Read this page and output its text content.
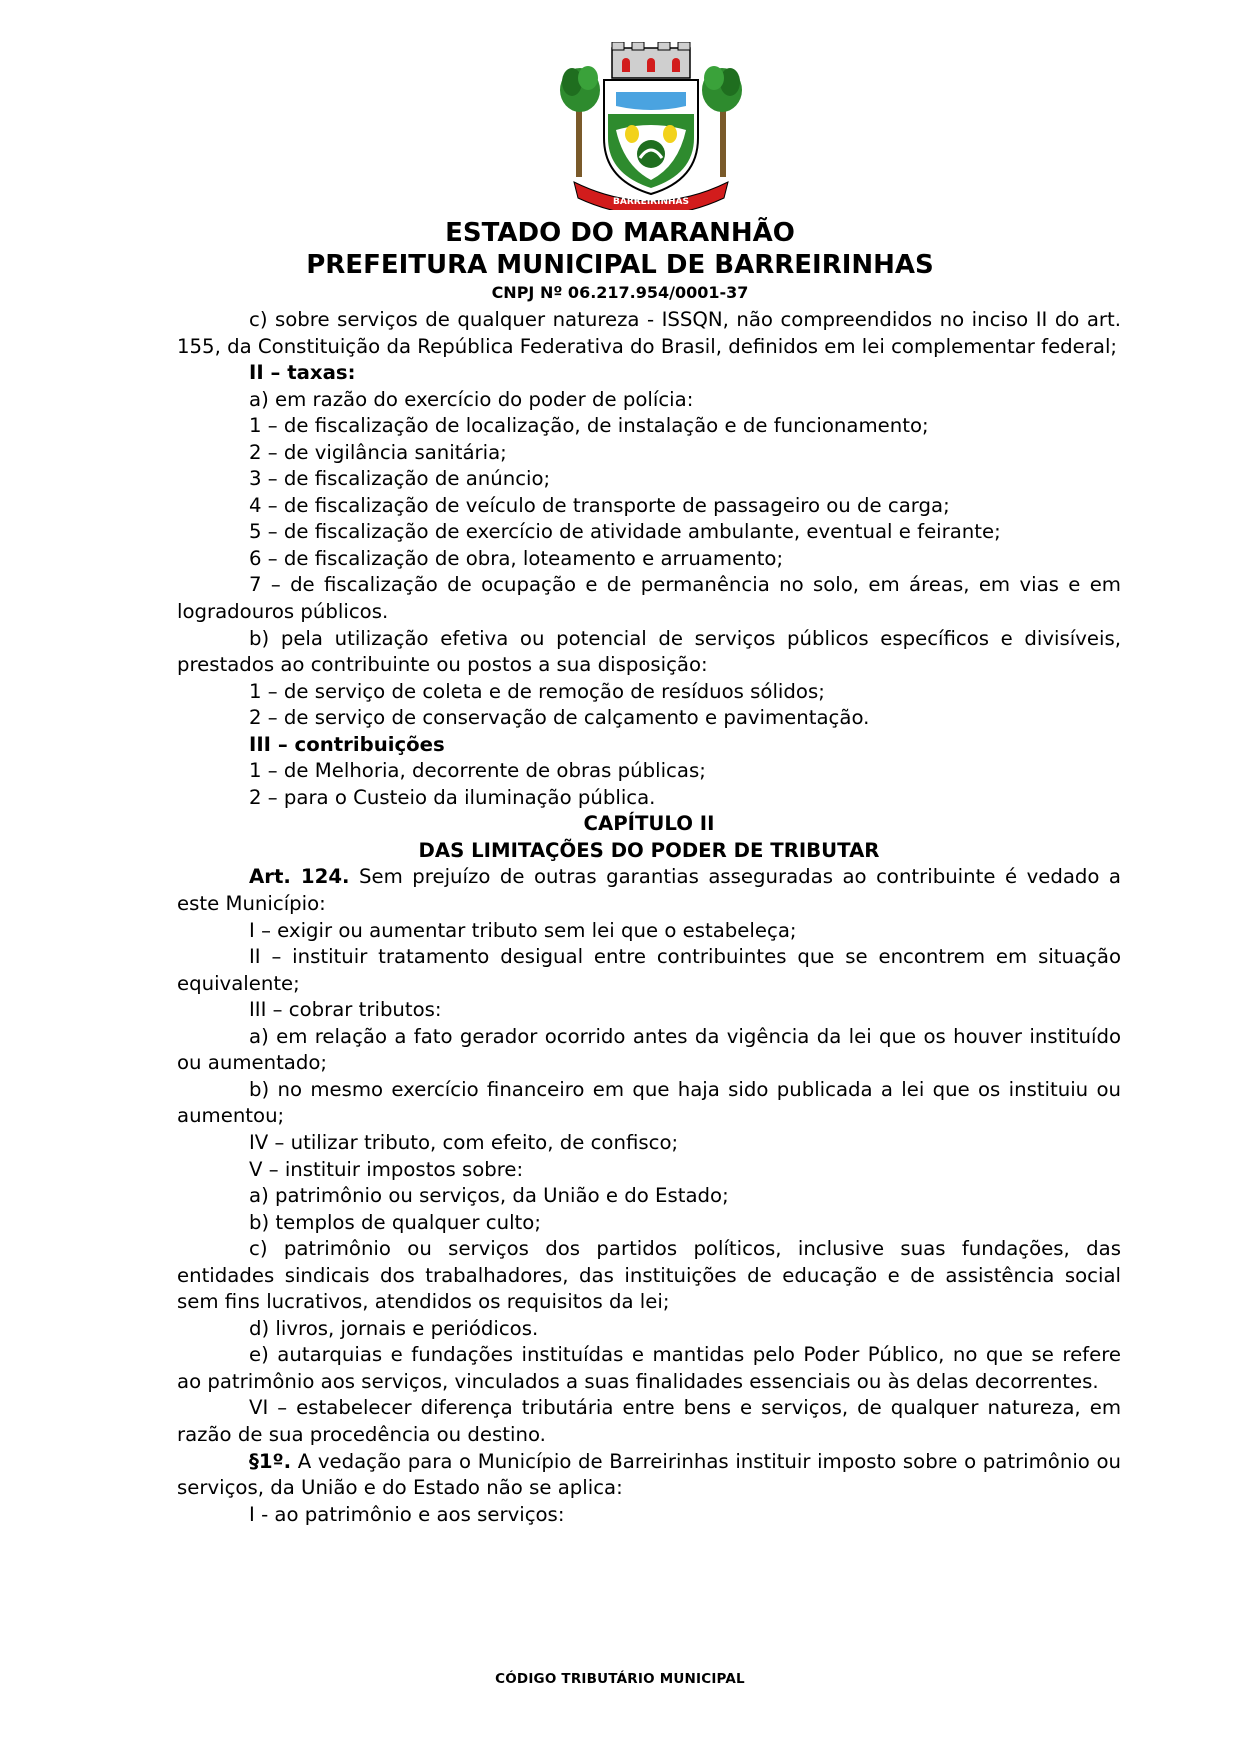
BARREIRINHAS
ESTADO DO MARANHÃO
PREFEITURA MUNICIPAL DE BARREIRINHAS
CNPJ Nº 06.217.954/0001-37

c) sobre serviços de qualquer natureza - ISSQN, não compreendidos no inciso II do art. 155, da Constituição da República Federativa do Brasil, definidos em lei complementar federal;

II – taxas:

a) em razão do exercício do poder de polícia:

1 – de fiscalização de localização, de instalação e de funcionamento;

2 – de vigilância sanitária;

3 – de fiscalização de anúncio;

4 – de fiscalização de veículo de transporte de passageiro ou de carga;

5 – de fiscalização de exercício de atividade ambulante, eventual e feirante;

6 – de fiscalização de obra, loteamento e arruamento;

7 – de fiscalização de ocupação e de permanência no solo, em áreas, em vias e em logradouros públicos.

b) pela utilização efetiva ou potencial de serviços públicos específicos e divisíveis, prestados ao contribuinte ou postos a sua disposição:

1 – de serviço de coleta e de remoção de resíduos sólidos;

2 – de serviço de conservação de calçamento e pavimentação.

III – contribuições

1 – de Melhoria, decorrente de obras públicas;

2 – para o Custeio da iluminação pública.

CAPÍTULO II

DAS LIMITAÇÕES DO PODER DE TRIBUTAR

Art. 124. Sem prejuízo de outras garantias asseguradas ao contribuinte é vedado a este Município:

I – exigir ou aumentar tributo sem lei que o estabeleça;

II – instituir tratamento desigual entre contribuintes que se encontrem em situação equivalente;

III – cobrar tributos:

a) em relação a fato gerador ocorrido antes da vigência da lei que os houver instituído ou aumentado;

b) no mesmo exercício financeiro em que haja sido publicada a lei que os instituiu ou aumentou;

IV – utilizar tributo, com efeito, de confisco;

V – instituir impostos sobre:

a) patrimônio ou serviços, da União e do Estado;

b) templos de qualquer culto;

c) patrimônio ou serviços dos partidos políticos, inclusive suas fundações, das entidades sindicais dos trabalhadores, das instituições de educação e de assistência social sem fins lucrativos, atendidos os requisitos da lei;

d) livros, jornais e periódicos.

e) autarquias e fundações instituídas e mantidas pelo Poder Público, no que se refere ao patrimônio aos serviços, vinculados a suas finalidades essenciais ou às delas decorrentes.

VI – estabelecer diferença tributária entre bens e serviços, de qualquer natureza, em razão de sua procedência ou destino.

§1º. A vedação para o Município de Barreirinhas instituir imposto sobre o patrimônio ou serviços, da União e do Estado não se aplica:

I - ao patrimônio e aos serviços:

CÓDIGO TRIBUTÁRIO MUNICIPAL
